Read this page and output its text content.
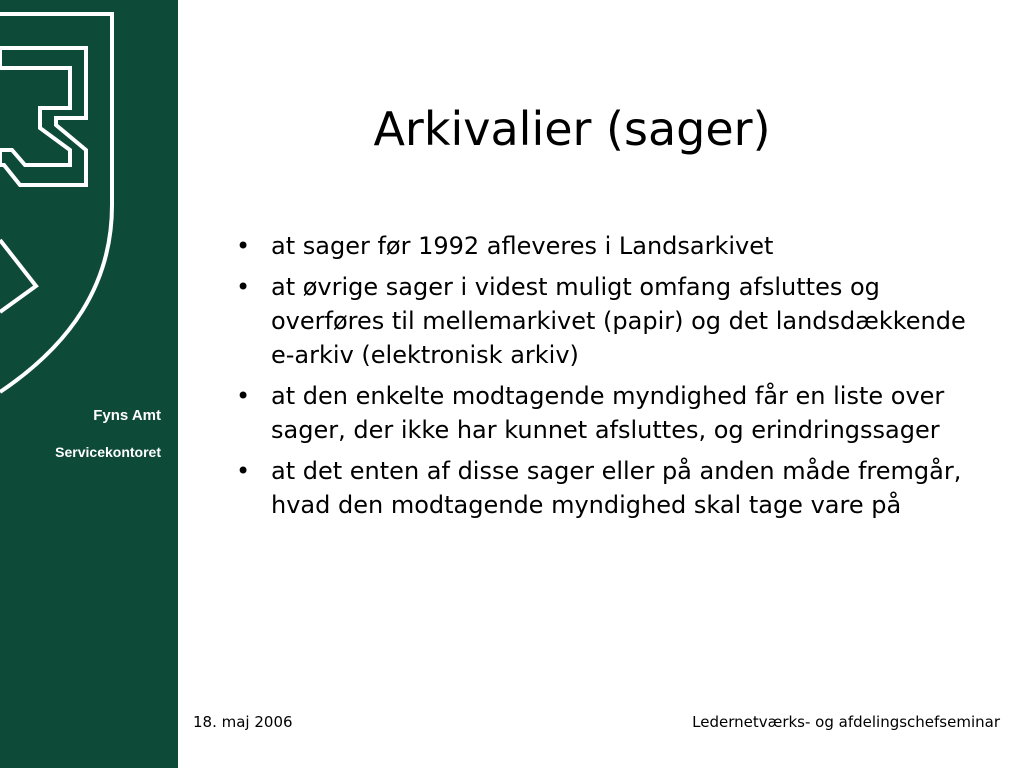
Fyns Amt
Servicekontoret
Arkivalier (sager)
• at sager før 1992 afleveres i Landsarkivet
• at øvrige sager i videst muligt omfang afsluttes og overføres til mellemarkivet (papir) og det landsdækkende e-arkiv (elektronisk arkiv)
• at den enkelte modtagende myndighed får en liste over sager, der ikke har kunnet afsluttes, og erindringssager
• at det enten af disse sager eller på anden måde fremgår, hvad den modtagende myndighed skal tage vare på
18. maj 2006	Ledernetværks- og afdelingschefseminar
